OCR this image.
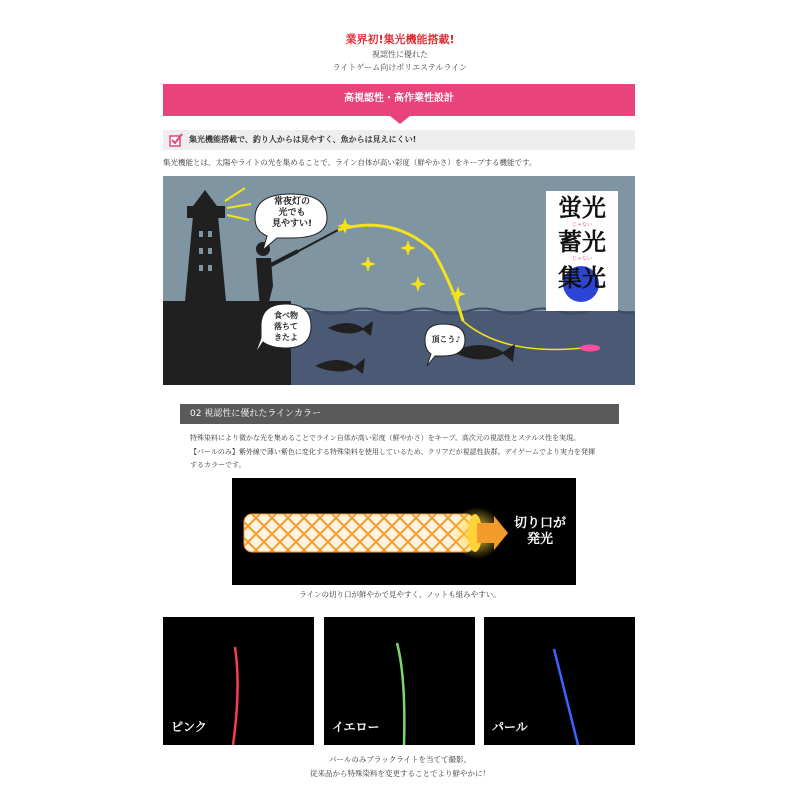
業界初!集光機能搭載!
視認性に優れた
ライトゲーム向けポリエステルライン
高視認性・高作業性設計
集光機能搭載で、釣り人からは見やすく、魚からは見えにくい!
集光機能とは、太陽やライトの光を集めることで、ライン自体が高い彩度（鮮やかさ）をキープする機能です。
常夜灯の
光でも
見やすい!
食べ物
落ちて
きたよ	頂こう♪
蛍光
じゃない
蓄光
じゃない
集光
02 視認性に優れたラインカラー
特殊染料により微かな光を集めることでライン自体が高い彩度（鮮やかさ）をキープ。高次元の視認性とステルス性を実現。
【パールのみ】紫外線で薄い紫色に変化する特殊染料を使用しているため、クリアだが視認性抜群。デイゲームでより実力を発揮
するカラーです。
切り口が
発光
ラインの切り口が鮮やかで見やすく、ノットも組みやすい。
ピンク	イエロー	パール
パールのみブラックライトを当てて撮影。
従来品から特殊染料を変更することでより鮮やかに！
